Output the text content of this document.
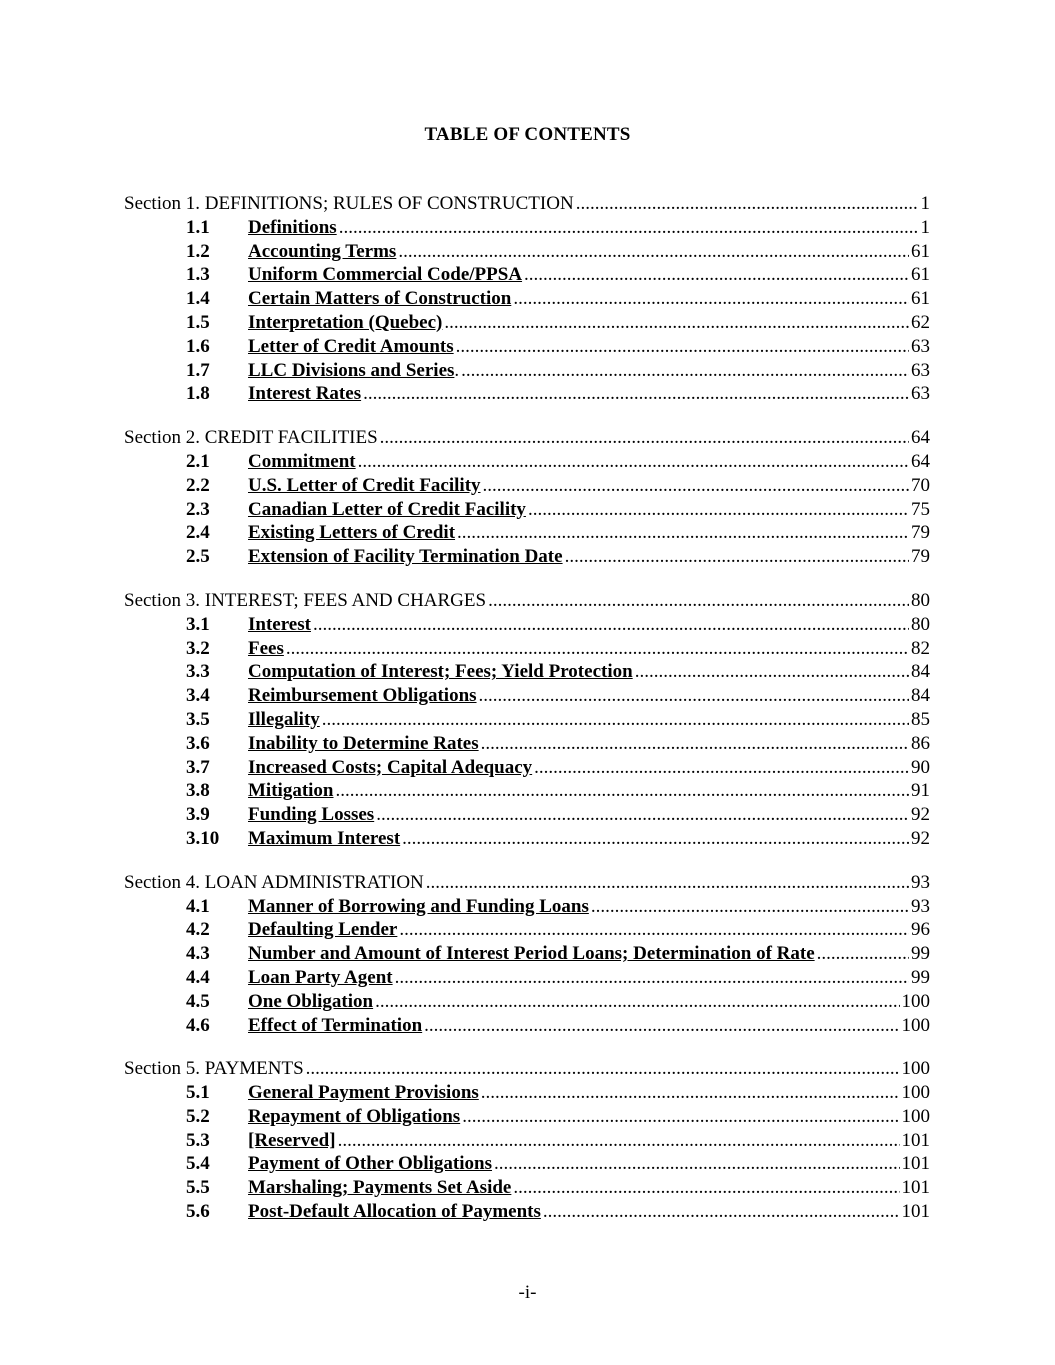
TABLE OF CONTENTS
Section 1. DEFINITIONS; RULES OF CONSTRUCTION .....	1
1.1	Definitions .....	1
1.2	Accounting Terms .....	61
1.3	Uniform Commercial Code/PPSA .....	61
1.4	Certain Matters of Construction .....	61
1.5	Interpretation (Quebec) .....	62
1.6	Letter of Credit Amounts .....	63
1.7	LLC Divisions and Series . .....	63
1.8	Interest Rates .....	63
Section 2. CREDIT FACILITIES .....	64
2.1	Commitment .....	64
2.2	U.S. Letter of Credit Facility .....	70
2.3	Canadian Letter of Credit Facility .....	75
2.4	Existing Letters of Credit .....	79
2.5	Extension of Facility Termination Date .....	79
Section 3. INTEREST; FEES AND CHARGES .....	80
3.1	Interest .....	80
3.2	Fees .....	82
3.3	Computation of Interest; Fees; Yield Protection .....	84
3.4	Reimbursement Obligations .....	84
3.5	Illegality .....	85
3.6	Inability to Determine Rates .....	86
3.7	Increased Costs; Capital Adequacy .....	90
3.8	Mitigation .....	91
3.9	Funding Losses .....	92
3.10	Maximum Interest .....	92
Section 4. LOAN ADMINISTRATION .....	93
4.1	Manner of Borrowing and Funding Loans .....	93
4.2	Defaulting Lender .....	96
4.3	Number and Amount of Interest Period Loans; Determination of Rate .....	99
4.4	Loan Party Agent .....	99
4.5	One Obligation .....	100
4.6	Effect of Termination .....	100
Section 5. PAYMENTS .....	100
5.1	General Payment Provisions .....	100
5.2	Repayment of Obligations .....	100
5.3	[Reserved] .....	101
5.4	Payment of Other Obligations .....	101
5.5	Marshaling; Payments Set Aside .....	101
5.6	Post-Default Allocation of Payments .....	101
-i-
